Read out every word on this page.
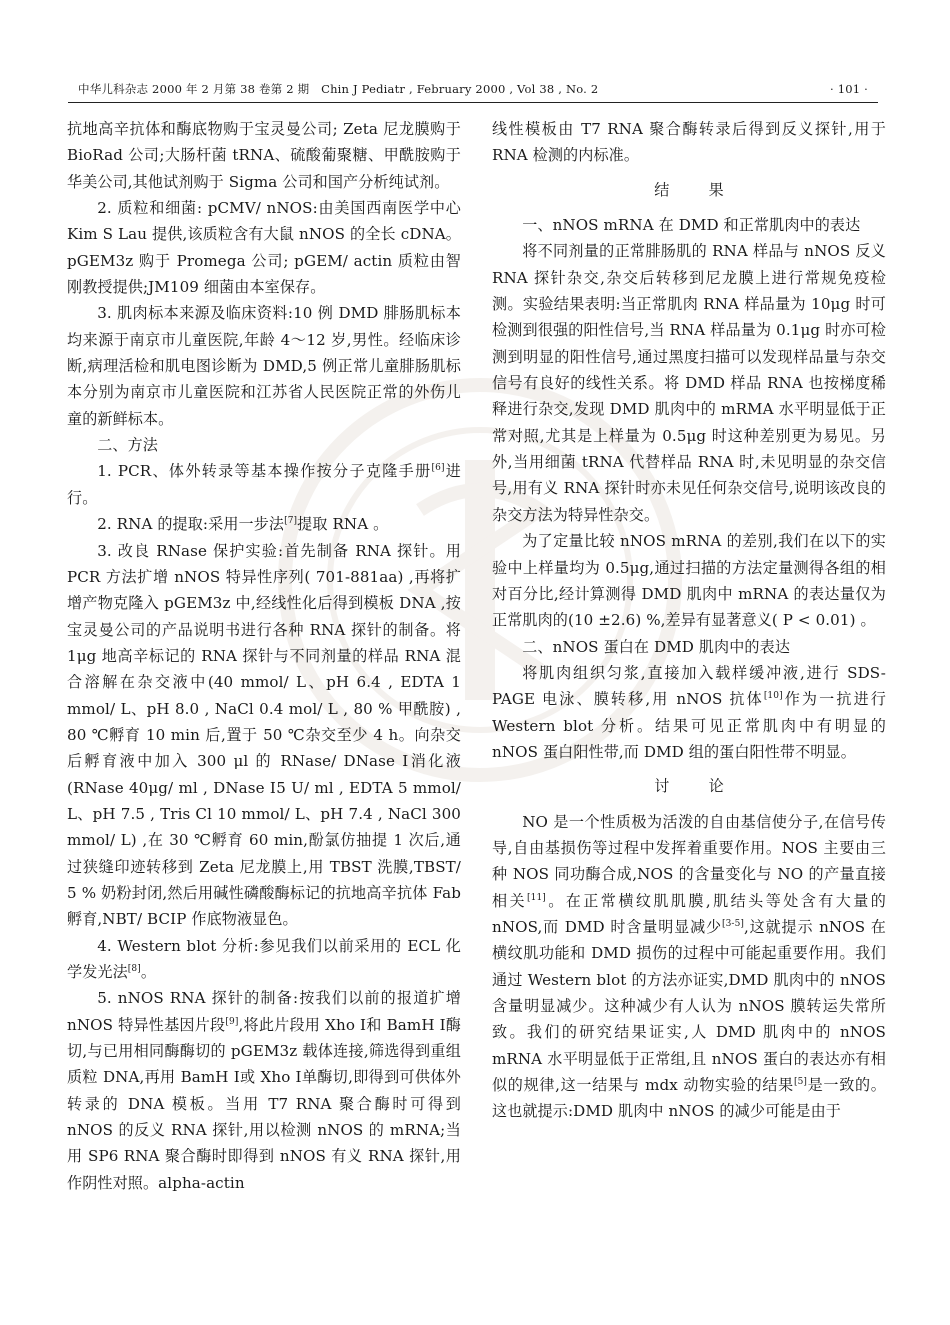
中华儿科杂志 2000 年 2 月第 38 卷第 2 期　Chin J Pediatr , February 2000 , Vol 38 , No. 2	· 101 ·

抗地高辛抗体和酶底物购于宝灵曼公司; Zeta 尼龙膜购于 BioRad 公司;大肠杆菌 tRNA、硫酸葡聚糖、甲酰胺购于华美公司,其他试剂购于 Sigma 公司和国产分析纯试剂。

2. 质粒和细菌: pCMV/ nNOS:由美国西南医学中心 Kim S Lau 提供,该质粒含有大鼠 nNOS 的全长 cDNA。pGEM3z 购于 Promega 公司; pGEM/ actin 质粒由智刚教授提供;JM109 细菌由本室保存。

3. 肌肉标本来源及临床资料:10 例 DMD 腓肠肌标本均来源于南京市儿童医院,年龄 4～12 岁,男性。经临床诊断,病理活检和肌电图诊断为 DMD,5 例正常儿童腓肠肌标本分别为南京市儿童医院和江苏省人民医院正常的外伤儿童的新鲜标本。

二、方法

1. PCR、体外转录等基本操作按分子克隆手册[6]进行。

2. RNA 的提取:采用一步法[7]提取 RNA 。

3. 改良 RNase 保护实验:首先制备 RNA 探针。用 PCR 方法扩增 nNOS 特异性序列( 701-881aa) ,再将扩增产物克隆入 pGEM3z 中,经线性化后得到模板 DNA ,按宝灵曼公司的产品说明书进行各种 RNA 探针的制备。将 1μg 地高辛标记的 RNA 探针与不同剂量的样品 RNA 混合溶解在杂交液中(40 mmol/ L、pH 6.4 , EDTA 1 mmol/ L、pH 8.0 , NaCl 0.4 mol/ L , 80 % 甲酰胺) , 80 ℃孵育 10 min 后,置于 50 ℃杂交至少 4 h。向杂交后孵育液中加入 300 μl 的 RNase/ DNase Ⅰ消化液(RNase 40μg/ ml , DNase Ⅰ5 U/ ml , EDTA 5 mmol/ L、pH 7.5 , Tris Cl 10 mmol/ L、pH 7.4 , NaCl 300 mmol/ L) ,在 30 ℃孵育 60 min,酚氯仿抽提 1 次后,通过狭缝印迹转移到 Zeta 尼龙膜上,用 TBST 洗膜,TBST/ 5 % 奶粉封闭,然后用碱性磷酸酶标记的抗地高辛抗体 Fab 孵育,NBT/ BCIP 作底物液显色。

4. Western blot 分析:参见我们以前采用的 ECL 化学发光法[8]。

5. nNOS RNA 探针的制备:按我们以前的报道扩增 nNOS 特异性基因片段[9],将此片段用 Xho Ⅰ和 BamH Ⅰ酶切,与已用相同酶酶切的 pGEM3z 载体连接,筛选得到重组质粒 DNA,再用 BamH Ⅰ或 Xho Ⅰ单酶切,即得到可供体外转录的 DNA 模板。当用 T7 RNA 聚合酶时可得到 nNOS 的反义 RNA 探针,用以检测 nNOS 的 mRNA;当用 SP6 RNA 聚合酶时即得到 nNOS 有义 RNA 探针,用作阴性对照。alpha-actin

线性模板由 T7 RNA 聚合酶转录后得到反义探针,用于 RNA 检测的内标准。

结果

一、nNOS mRNA 在 DMD 和正常肌肉中的表达

将不同剂量的正常腓肠肌的 RNA 样品与 nNOS 反义 RNA 探针杂交,杂交后转移到尼龙膜上进行常规免疫检测。实验结果表明:当正常肌肉 RNA 样品量为 10μg 时可检测到很强的阳性信号,当 RNA 样品量为 0.1μg 时亦可检测到明显的阳性信号,通过黑度扫描可以发现样品量与杂交信号有良好的线性关系。将 DMD 样品 RNA 也按梯度稀释进行杂交,发现 DMD 肌肉中的 mRMA 水平明显低于正常对照,尤其是上样量为 0.5μg 时这种差别更为易见。另外,当用细菌 tRNA 代替样品 RNA 时,未见明显的杂交信号,用有义 RNA 探针时亦未见任何杂交信号,说明该改良的杂交方法为特异性杂交。

为了定量比较 nNOS mRNA 的差别,我们在以下的实验中上样量均为 0.5μg,通过扫描的方法定量测得各组的相对百分比,经计算测得 DMD 肌肉中 mRNA 的表达量仅为正常肌肉的(10 ±2.6) %,差异有显著意义( P < 0.01) 。

二、nNOS 蛋白在 DMD 肌肉中的表达

将肌肉组织匀浆,直接加入载样缓冲液,进行 SDS-PAGE 电泳、膜转移,用 nNOS 抗体[10]作为一抗进行 Western blot 分析。结果可见正常肌肉中有明显的 nNOS 蛋白阳性带,而 DMD 组的蛋白阳性带不明显。

讨论

NO 是一个性质极为活泼的自由基信使分子,在信号传导,自由基损伤等过程中发挥着重要作用。NOS 主要由三种 NOS 同功酶合成,NOS 的含量变化与 NO 的产量直接相关[11]。在正常横纹肌肌膜,肌结头等处含有大量的 nNOS,而 DMD 时含量明显减少[3-5],这就提示 nNOS 在横纹肌功能和 DMD 损伤的过程中可能起重要作用。我们通过 Western blot 的方法亦证实,DMD 肌肉中的 nNOS 含量明显减少。这种减少有人认为 nNOS 膜转运失常所致。我们的研究结果证实,人 DMD 肌肉中的 nNOS mRNA 水平明显低于正常组,且 nNOS 蛋白的表达亦有相似的规律,这一结果与 mdx 动物实验的结果[5]是一致的。这也就提示:DMD 肌肉中 nNOS 的减少可能是由于
